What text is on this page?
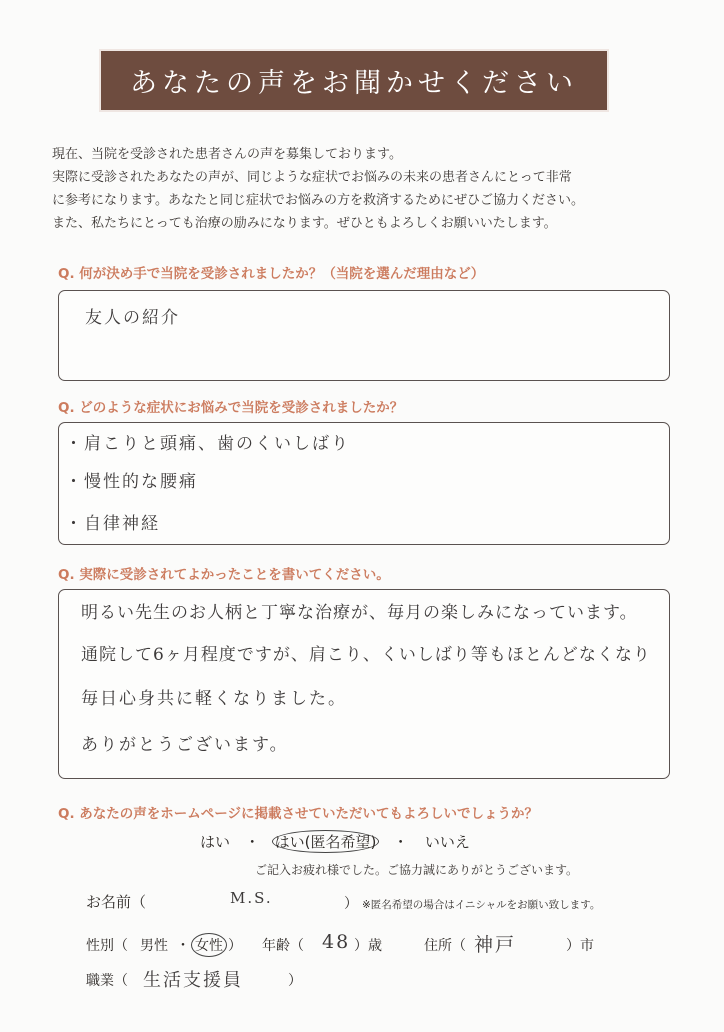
あなたの声をお聞かせください
現在、当院を受診された患者さんの声を募集しております。
実際に受診されたあなたの声が、同じような症状でお悩みの未来の患者さんにとって非常
に参考になります。あなたと同じ症状でお悩みの方を救済するためにぜひご協力ください。
また、私たちにとっても治療の励みになります。ぜひともよろしくお願いいたします。
Q. 何が決め手で当院を受診されましたか？（当院を選んだ理由など）
友人の紹介
Q. どのような症状にお悩みで当院を受診されましたか？
・肩こりと頭痛、歯のくいしばり
・慢性的な腰痛
・自律神経
Q. 実際に受診されてよかったことを書いてください。
明るい先生のお人柄と丁寧な治療が、毎月の楽しみになっています。
通院して6ヶ月程度ですが、肩こり、くいしばり等もほとんどなくなり
毎日心身共に軽くなりました。
ありがとうございます。
Q. あなたの声をホームページに掲載させていただいてもよろしいでしょうか？
はい ・ はい(匿名希望) ・ いいえ
ご記入お疲れ様でした。ご協力誠にありがとうございます。
お名前（	M.S.	） ※匿名希望の場合はイニシャルをお願い致します。
性別（ 男性 ・ 女性 ） 年齢（ 48 ）歳	住所（ 神戸	）市
職業（ 生活支援員	）
